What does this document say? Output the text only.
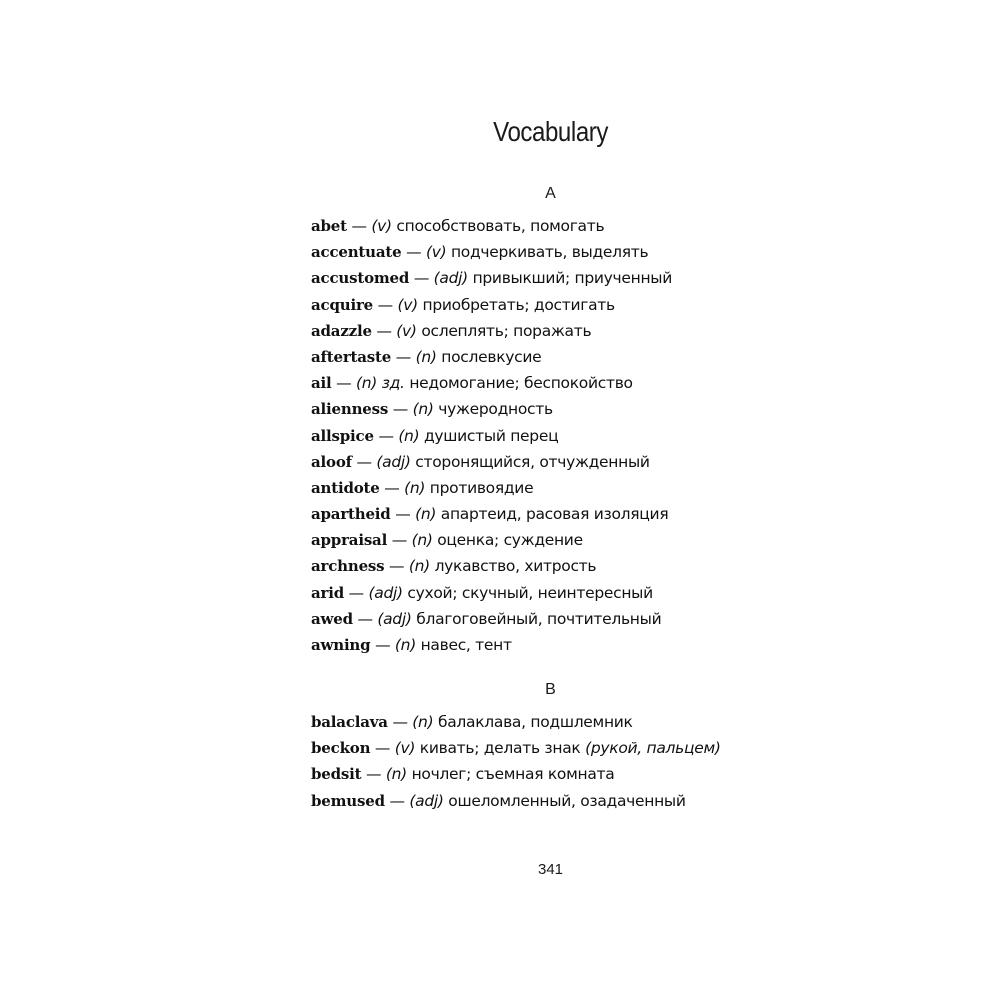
Vocabulary
A
abet — (v) способствовать, помогать
accentuate — (v) подчеркивать, выделять
accustomed — (adj) привыкший; приученный
acquire — (v) приобретать; достигать
adazzle — (v) ослеплять; поражать
aftertaste — (n) послевкусие
ail — (n) зд. недомогание; беспокойство
alienness — (n) чужеродность
allspice — (n) душистый перец
aloof — (adj) сторонящийся, отчужденный
antidote — (n) противоядие
apartheid — (n) апартеид, расовая изоляция
appraisal — (n) оценка; суждение
archness — (n) лукавство, хитрость
arid — (adj) сухой; скучный, неинтересный
awed — (adj) благоговейный, почтительный
awning — (n) навес, тент
B
balaclava — (n) балаклава, подшлемник
beckon — (v) кивать; делать знак (рукой, пальцем)
bedsit — (n) ночлег; съемная комната
bemused — (adj) ошеломленный, озадаченный
341
